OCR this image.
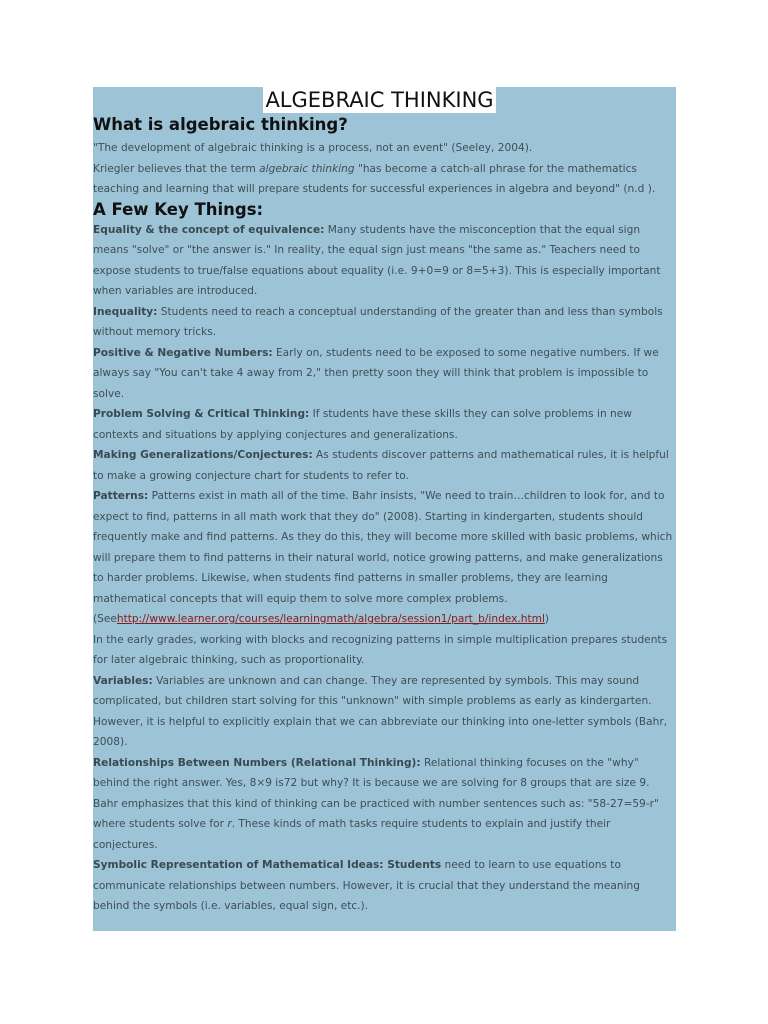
ALGEBRAIC THINKING
What is algebraic thinking?

"The development of algebraic thinking is a process, not an event" (Seeley, 2004).

Kriegler believes that the term algebraic thinking "has become a catch-all phrase for the mathematics teaching and learning that will prepare students for successful experiences in algebra and beyond" (n.d ).

A Few Key Things:

Equality & the concept of equivalence: Many students have the misconception that the equal sign means "solve" or "the answer is." In reality, the equal sign just means "the same as." Teachers need to expose students to true/false equations about equality (i.e. 9+0=9 or 8=5+3). This is especially important when variables are introduced.

Inequality: Students need to reach a conceptual understanding of the greater than and less than symbols without memory tricks.

Positive & Negative Numbers: Early on, students need to be exposed to some negative numbers. If we always say "You can't take 4 away from 2," then pretty soon they will think that problem is impossible to solve.

Problem Solving & Critical Thinking: If students have these skills they can solve problems in new contexts and situations by applying conjectures and generalizations.

Making Generalizations/Conjectures: As students discover patterns and mathematical rules, it is helpful to make a growing conjecture chart for students to refer to.

Patterns: Patterns exist in math all of the time. Bahr insists, "We need to train…children to look for, and to expect to find, patterns in all math work that they do" (2008). Starting in kindergarten, students should frequently make and find patterns. As they do this, they will become more skilled with basic problems, which will prepare them to find patterns in their natural world, notice growing patterns, and make generalizations to harder problems. Likewise, when students find patterns in smaller problems, they are learning mathematical concepts that will equip them to solve more complex problems. (Seehttp://www.learner.org/courses/learningmath/algebra/session1/part_b/index.html)

In the early grades, working with blocks and recognizing patterns in simple multiplication prepares students for later algebraic thinking, such as proportionality.

Variables: Variables are unknown and can change. They are represented by symbols. This may sound complicated, but children start solving for this "unknown" with simple problems as early as kindergarten. However, it is helpful to explicitly explain that we can abbreviate our thinking into one-letter symbols (Bahr, 2008).

Relationships Between Numbers (Relational Thinking): Relational thinking focuses on the "why" behind the right answer. Yes, 8×9 is72 but why? It is because we are solving for 8 groups that are size 9. Bahr emphasizes that this kind of thinking can be practiced with number sentences such as: "58-27=59-r" where students solve for r. These kinds of math tasks require students to explain and justify their conjectures.

Symbolic Representation of Mathematical Ideas: Students need to learn to use equations to communicate relationships between numbers. However, it is crucial that they understand the meaning behind the symbols (i.e. variables, equal sign, etc.).
